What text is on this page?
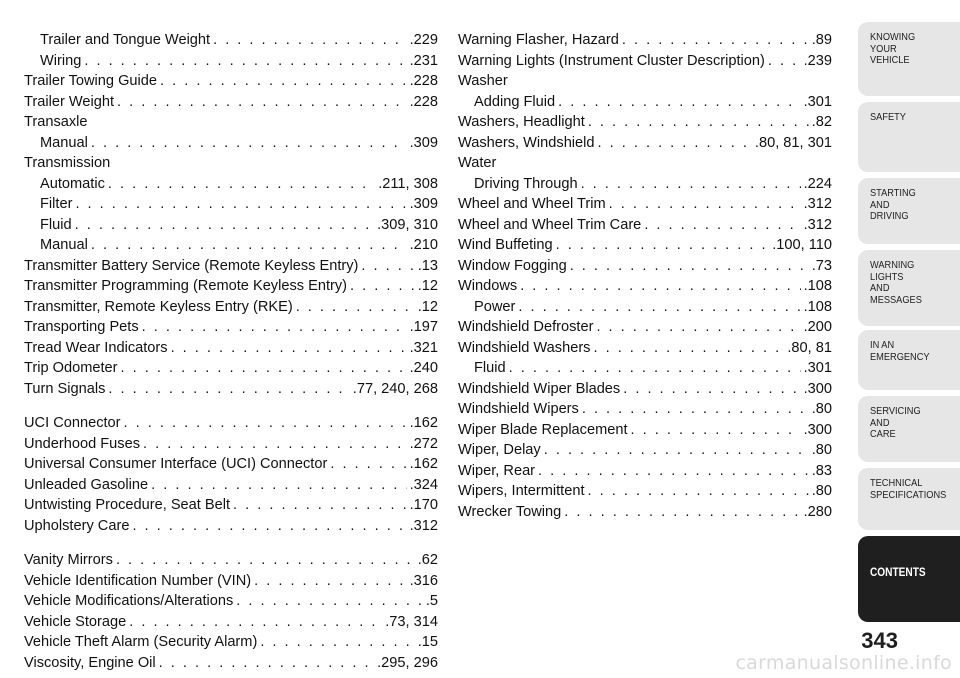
Trailer and Tongue Weight . . .	.229
Wiring . . .	.231
Trailer Towing Guide . . .	.228
Trailer Weight . . .	.228
Transaxle
Manual . . .	.309
Transmission
Automatic . . .	.211, 308
Filter . . .	.309
Fluid . . .	.309, 310
Manual . . .	.210
Transmitter Battery Service (Remote Keyless Entry) . . .	.13
Transmitter Programming (Remote Keyless Entry) . . .	.12
Transmitter, Remote Keyless Entry (RKE) . . .	.12
Transporting Pets . . .	.197
Tread Wear Indicators . . .	.321
Trip Odometer . . .	.240
Turn Signals . . .	.77, 240, 268
UCI Connector . . .	.162
Underhood Fuses . . .	.272
Universal Consumer Interface (UCI) Connector . . .	.162
Unleaded Gasoline . . .	.324
Untwisting Procedure, Seat Belt . . .	.170
Upholstery Care . . .	.312
Vanity Mirrors . . .	.62
Vehicle Identification Number (VIN) . . .	.316
Vehicle Modifications/Alterations . . .	.5
Vehicle Storage . . .	.73, 314
Vehicle Theft Alarm (Security Alarm) . . .	.15
Viscosity, Engine Oil . . .	.295, 296
Warning Flasher, Hazard . . .	.89
Warning Lights (Instrument Cluster Description) . . .	.239
Washer
Adding Fluid . . .	.301
Washers, Headlight . . .	.82
Washers, Windshield . . .	.80, 81, 301
Water
Driving Through . . .	.224
Wheel and Wheel Trim . . .	.312
Wheel and Wheel Trim Care . . .	.312
Wind Buffeting . . .	.100, 110
Window Fogging . . .	.73
Windows . . .	.108
Power . . .	.108
Windshield Defroster . . .	.200
Windshield Washers . . .	.80, 81
Fluid . . .	.301
Windshield Wiper Blades . . .	.300
Windshield Wipers . . .	.80
Wiper Blade Replacement . . .	.300
Wiper, Delay . . .	.80
Wiper, Rear . . .	.83
Wipers, Intermittent . . .	.80
Wrecker Towing . . .	.280
KNOWING
YOUR
VEHICLE
SAFETY
STARTING
AND
DRIVING
WARNING
LIGHTS
AND
MESSAGES
IN AN
EMERGENCY
SERVICING
AND
CARE
TECHNICAL
SPECIFICATIONS
CONTENTS
343
carmanualsonline.info
